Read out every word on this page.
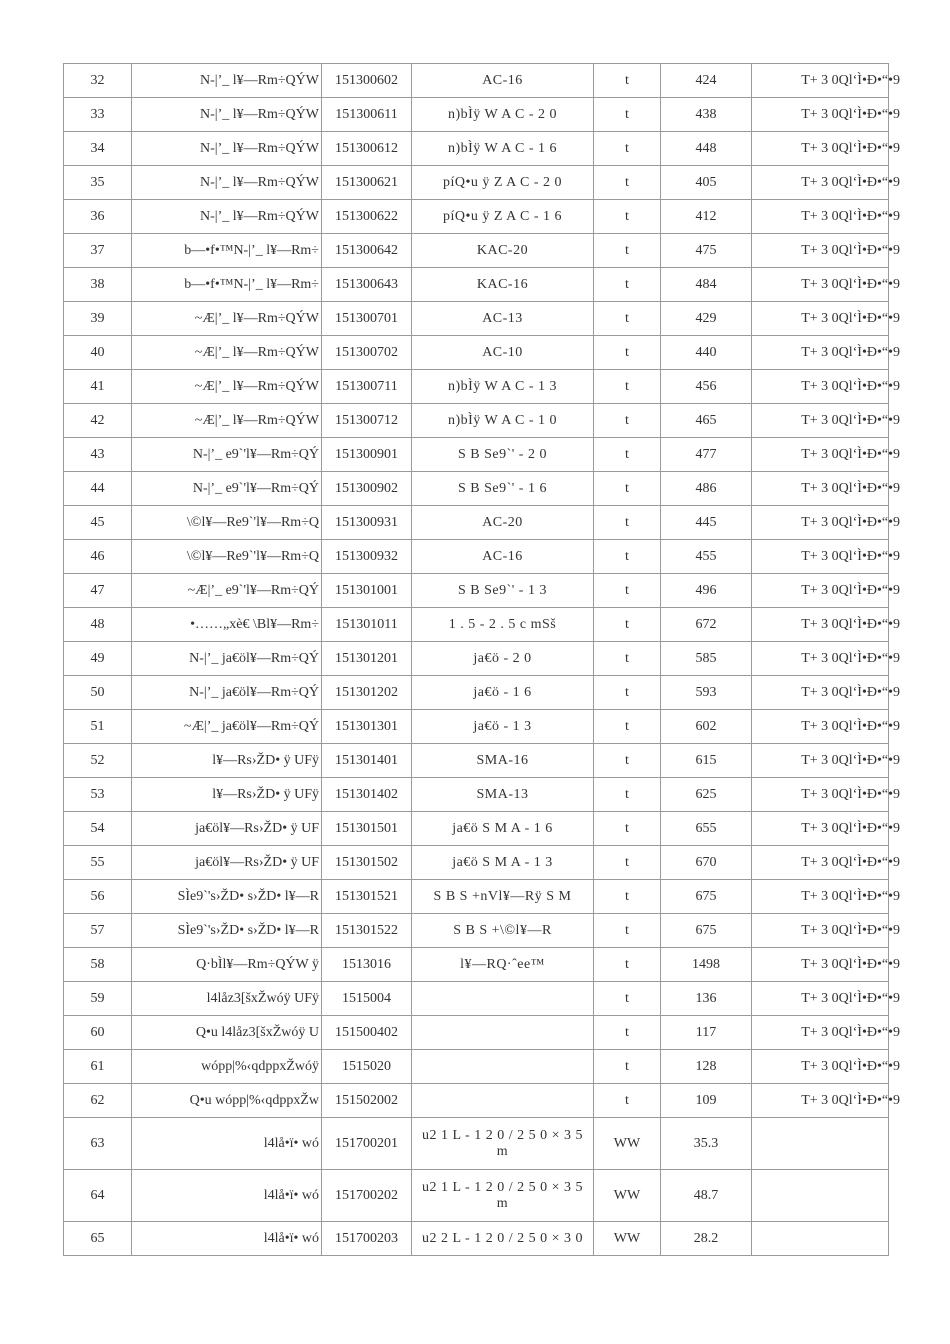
32	N-|’_ l¥—Rm÷QÝW	151300602	AC-16	t	424	T+ 3 0Ql‘Ì•Ð•“•9
33	N-|’_ l¥—Rm÷QÝW	151300611	n)bÌÿ W A C - 2 0	t	438	T+ 3 0Ql‘Ì•Ð•“•9
34	N-|’_ l¥—Rm÷QÝW	151300612	n)bÌÿ W A C - 1 6	t	448	T+ 3 0Ql‘Ì•Ð•“•9
35	N-|’_ l¥—Rm÷QÝW	151300621	píQ•u ÿ Z A C - 2 0	t	405	T+ 3 0Ql‘Ì•Ð•“•9
36	N-|’_ l¥—Rm÷QÝW	151300622	píQ•u ÿ Z A C - 1 6	t	412	T+ 3 0Ql‘Ì•Ð•“•9
37	b—•f•™N-|’_ l¥—Rm÷	151300642	KAC-20	t	475	T+ 3 0Ql‘Ì•Ð•“•9
38	b—•f•™N-|’_ l¥—Rm÷	151300643	KAC-16	t	484	T+ 3 0Ql‘Ì•Ð•“•9
39	~Æ|’_ l¥—Rm÷QÝW	151300701	AC-13	t	429	T+ 3 0Ql‘Ì•Ð•“•9
40	~Æ|’_ l¥—Rm÷QÝW	151300702	AC-10	t	440	T+ 3 0Ql‘Ì•Ð•“•9
41	~Æ|’_ l¥—Rm÷QÝW	151300711	n)bÌÿ W A C - 1 3	t	456	T+ 3 0Ql‘Ì•Ð•“•9
42	~Æ|’_ l¥—Rm÷QÝW	151300712	n)bÌÿ W A C - 1 0	t	465	T+ 3 0Ql‘Ì•Ð•“•9
43	N-|’_ e9`'l¥—Rm÷QÝ	151300901	S B Se9`' - 2 0	t	477	T+ 3 0Ql‘Ì•Ð•“•9
44	N-|’_ e9`'l¥—Rm÷QÝ	151300902	S B Se9`' - 1 6	t	486	T+ 3 0Ql‘Ì•Ð•“•9
45	\©l¥—Re9`'l¥—Rm÷Q	151300931	AC-20	t	445	T+ 3 0Ql‘Ì•Ð•“•9
46	\©l¥—Re9`'l¥—Rm÷Q	151300932	AC-16	t	455	T+ 3 0Ql‘Ì•Ð•“•9
47	~Æ|’_ e9`'l¥—Rm÷QÝ	151301001	S B Se9`' - 1 3	t	496	T+ 3 0Ql‘Ì•Ð•“•9
48	•……„xè€ \Bl¥—Rm÷	151301011	1 . 5 - 2 . 5 c mSš	t	672	T+ 3 0Ql‘Ì•Ð•“•9
49	N-|’_ ja€öl¥—Rm÷QÝ	151301201	ja€ö - 2 0	t	585	T+ 3 0Ql‘Ì•Ð•“•9
50	N-|’_ ja€öl¥—Rm÷QÝ	151301202	ja€ö - 1 6	t	593	T+ 3 0Ql‘Ì•Ð•“•9
51	~Æ|’_ ja€öl¥—Rm÷QÝ	151301301	ja€ö - 1 3	t	602	T+ 3 0Ql‘Ì•Ð•“•9
52	l¥—Rs›ŽD• ÿ UFÿ	151301401	SMA-16	t	615	T+ 3 0Ql‘Ì•Ð•“•9
53	l¥—Rs›ŽD• ÿ UFÿ	151301402	SMA-13	t	625	T+ 3 0Ql‘Ì•Ð•“•9
54	ja€öl¥—Rs›ŽD• ÿ UF	151301501	ja€ö S M A - 1 6	t	655	T+ 3 0Ql‘Ì•Ð•“•9
55	ja€öl¥—Rs›ŽD• ÿ UF	151301502	ja€ö S M A - 1 3	t	670	T+ 3 0Ql‘Ì•Ð•“•9
56	SÌe9`'s›ŽD• s›ŽD• l¥—R	151301521	S B S +nVl¥—Rÿ S M	t	675	T+ 3 0Ql‘Ì•Ð•“•9
57	SÌe9`'s›ŽD• s›ŽD• l¥—R	151301522	S B S +\©l¥—R	t	675	T+ 3 0Ql‘Ì•Ð•“•9
58	Q·bÌl¥—Rm÷QÝW ÿ	1513016	l¥—RQ·ˆee™	t	1498	T+ 3 0Ql‘Ì•Ð•“•9
59	l4låz3[šxŽwóÿ UFÿ	1515004		t	136	T+ 3 0Ql‘Ì•Ð•“•9
60	Q•u l4låz3[šxŽwóÿ U	151500402		t	117	T+ 3 0Ql‘Ì•Ð•“•9
61	wópp|%‹qdppxŽwóÿ	1515020		t	128	T+ 3 0Ql‘Ì•Ð•“•9
62	Q•u wópp|%‹qdppxŽw	151502002		t	109	T+ 3 0Ql‘Ì•Ð•“•9
63	l4lå•ï• wó	151700201	u2 1 L - 1 2 0 / 2 5 0 × 3 5 m	WW	35.3	
64	l4lå•ï• wó	151700202	u2 1 L - 1 2 0 / 2 5 0 × 3 5 m	WW	48.7	
65	l4lå•ï• wó	151700203	u2 2 L - 1 2 0 / 2 5 0 × 3 0	WW	28.2	
